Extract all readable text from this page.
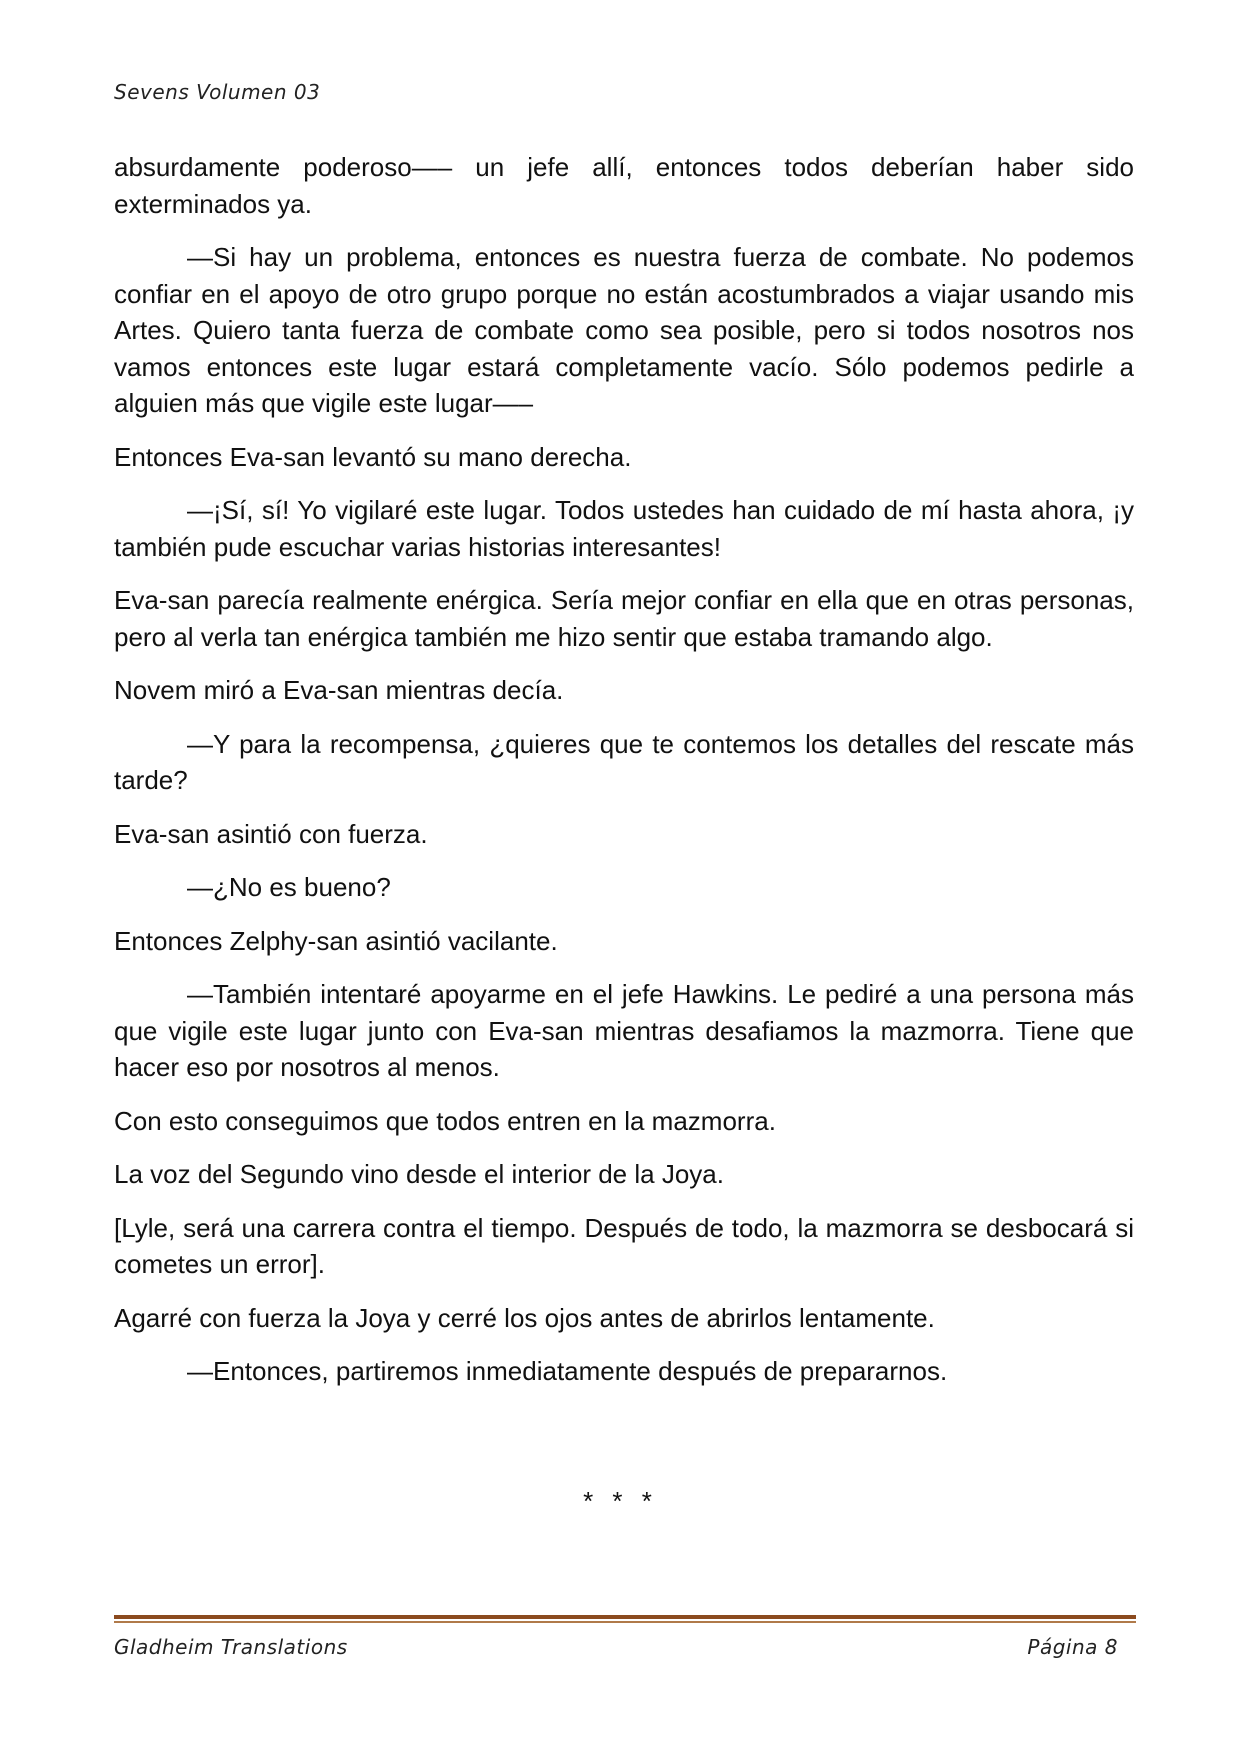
Sevens Volumen 03

absurdamente poderoso—– un jefe allí, entonces todos deberían haber sido exterminados ya.

—Si hay un problema, entonces es nuestra fuerza de combate. No podemos confiar en el apoyo de otro grupo porque no están acostumbrados a viajar usando mis Artes. Quiero tanta fuerza de combate como sea posible, pero si todos nosotros nos vamos entonces este lugar estará completamente vacío. Sólo podemos pedirle a alguien más que vigile este lugar—–

Entonces Eva-san levantó su mano derecha.

—¡Sí, sí! Yo vigilaré este lugar. Todos ustedes han cuidado de mí hasta ahora, ¡y también pude escuchar varias historias interesantes!

Eva-san parecía realmente enérgica. Sería mejor confiar en ella que en otras personas, pero al verla tan enérgica también me hizo sentir que estaba tramando algo.

Novem miró a Eva-san mientras decía.

—Y para la recompensa, ¿quieres que te contemos los detalles del rescate más tarde?

Eva-san asintió con fuerza.

—¿No es bueno?

Entonces Zelphy-san asintió vacilante.

—También intentaré apoyarme en el jefe Hawkins. Le pediré a una persona más que vigile este lugar junto con Eva-san mientras desafiamos la mazmorra. Tiene que hacer eso por nosotros al menos.

Con esto conseguimos que todos entren en la mazmorra.

La voz del Segundo vino desde el interior de la Joya.

[Lyle, será una carrera contra el tiempo. Después de todo, la mazmorra se desbocará si cometes un error].

Agarré con fuerza la Joya y cerré los ojos antes de abrirlos lentamente.

—Entonces, partiremos inmediatamente después de prepararnos.

* * *
Gladheim Translations	Página 8
